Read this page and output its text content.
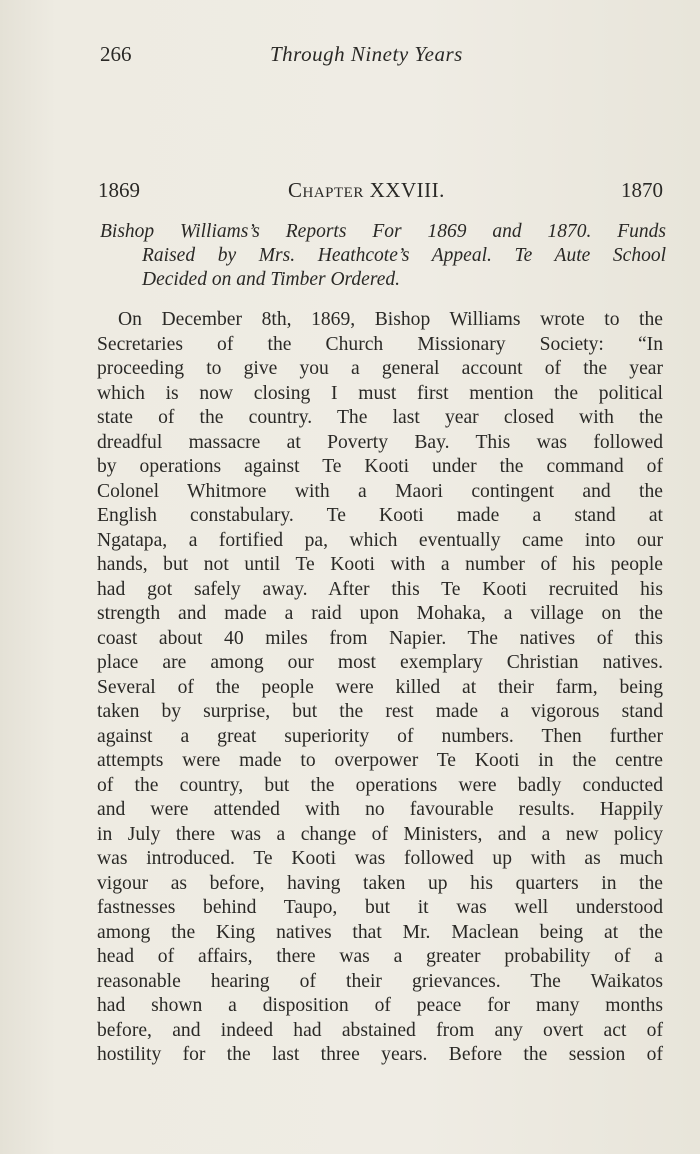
266	Through Ninety Years
1869	CHAPTER XXVIII.	1870
Bishop Williams’s Reports For 1869 and 1870. Funds
Raised by Mrs. Heathcote’s Appeal. Te Aute School
Decided on and Timber Ordered.
On December 8th, 1869, Bishop Williams wrote to the
Secretaries of the Church Missionary Society: “In
proceeding to give you a general account of the year
which is now closing I must first mention the political
state of the country. The last year closed with the
dreadful massacre at Poverty Bay. This was followed
by operations against Te Kooti under the command of
Colonel Whitmore with a Maori contingent and the
English constabulary. Te Kooti made a stand at
Ngatapa, a fortified pa, which eventually came into our
hands, but not until Te Kooti with a number of his people
had got safely away. After this Te Kooti recruited his
strength and made a raid upon Mohaka, a village on the
coast about 40 miles from Napier. The natives of this
place are among our most exemplary Christian natives.
Several of the people were killed at their farm, being
taken by surprise, but the rest made a vigorous stand
against a great superiority of numbers. Then further
attempts were made to overpower Te Kooti in the centre
of the country, but the operations were badly conducted
and were attended with no favourable results. Happily
in July there was a change of Ministers, and a new policy
was introduced. Te Kooti was followed up with as much
vigour as before, having taken up his quarters in the
fastnesses behind Taupo, but it was well understood
among the King natives that Mr. Maclean being at the
head of affairs, there was a greater probability of a
reasonable hearing of their grievances. The Waikatos
had shown a disposition of peace for many months
before, and indeed had abstained from any overt act of
hostility for the last three years. Before the session of
